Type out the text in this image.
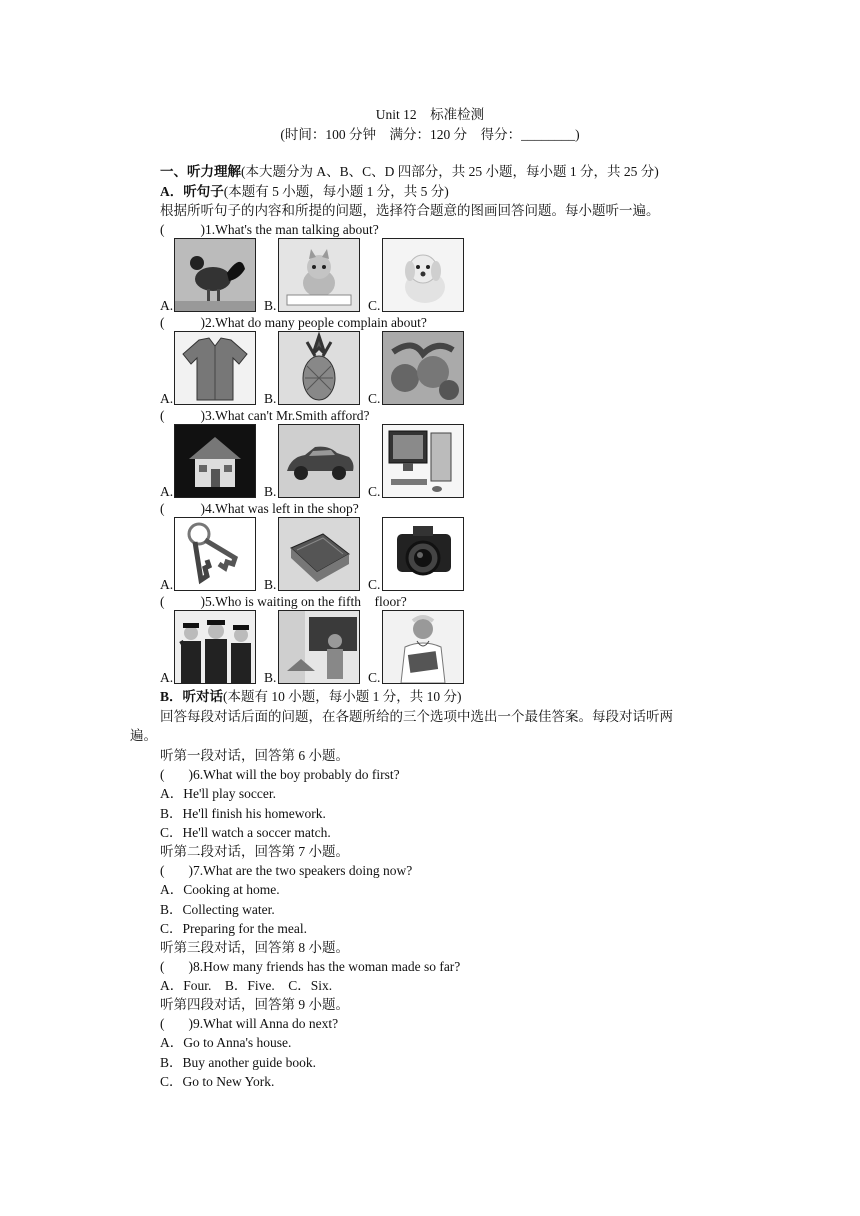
Unit 12　标准检测
(时间：100 分钟　满分：120 分　得分：________)
一、听力理解(本大题分为 A、B、C、D 四部分，共 25 小题，每小题 1 分，共 25 分)
A．听句子(本题有 5 小题，每小题 1 分，共 5 分)
根据所听句子的内容和所提的问题，选择符合题意的图画回答问题。每小题听一遍。
(	)1.What's the man talking about?
A.	B.	C.
(	)2.What do many people complain about?
A.	B.	C.
(	)3.What can't Mr.Smith afford?
A.	B.	C.
(	)4.What was left in the shop?
A.	B.	C.
(	)5.Who is waiting on the fifth　floor?
A.	B.	C.
B．听对话(本题有 10 小题，每小题 1 分，共 10 分)
回答每段对话后面的问题，在各题所给的三个选项中选出一个最佳答案。每段对话听两
遍。
听第一段对话，回答第 6 小题。
( )6.What will the boy probably do first?
A．He'll play soccer.
B．He'll finish his homework.
C．He'll watch a soccer match.
听第二段对话，回答第 7 小题。
( )7.What are the two speakers doing now?
A．Cooking at home.
B．Collecting water.
C．Preparing for the meal.
听第三段对话，回答第 8 小题。
( )8.How many friends has the woman made so far?
A．Four.　B．Five.　C．Six.
听第四段对话，回答第 9 小题。
( )9.What will Anna do next?
A．Go to Anna's house.
B．Buy another guide book.
C．Go to New York.
